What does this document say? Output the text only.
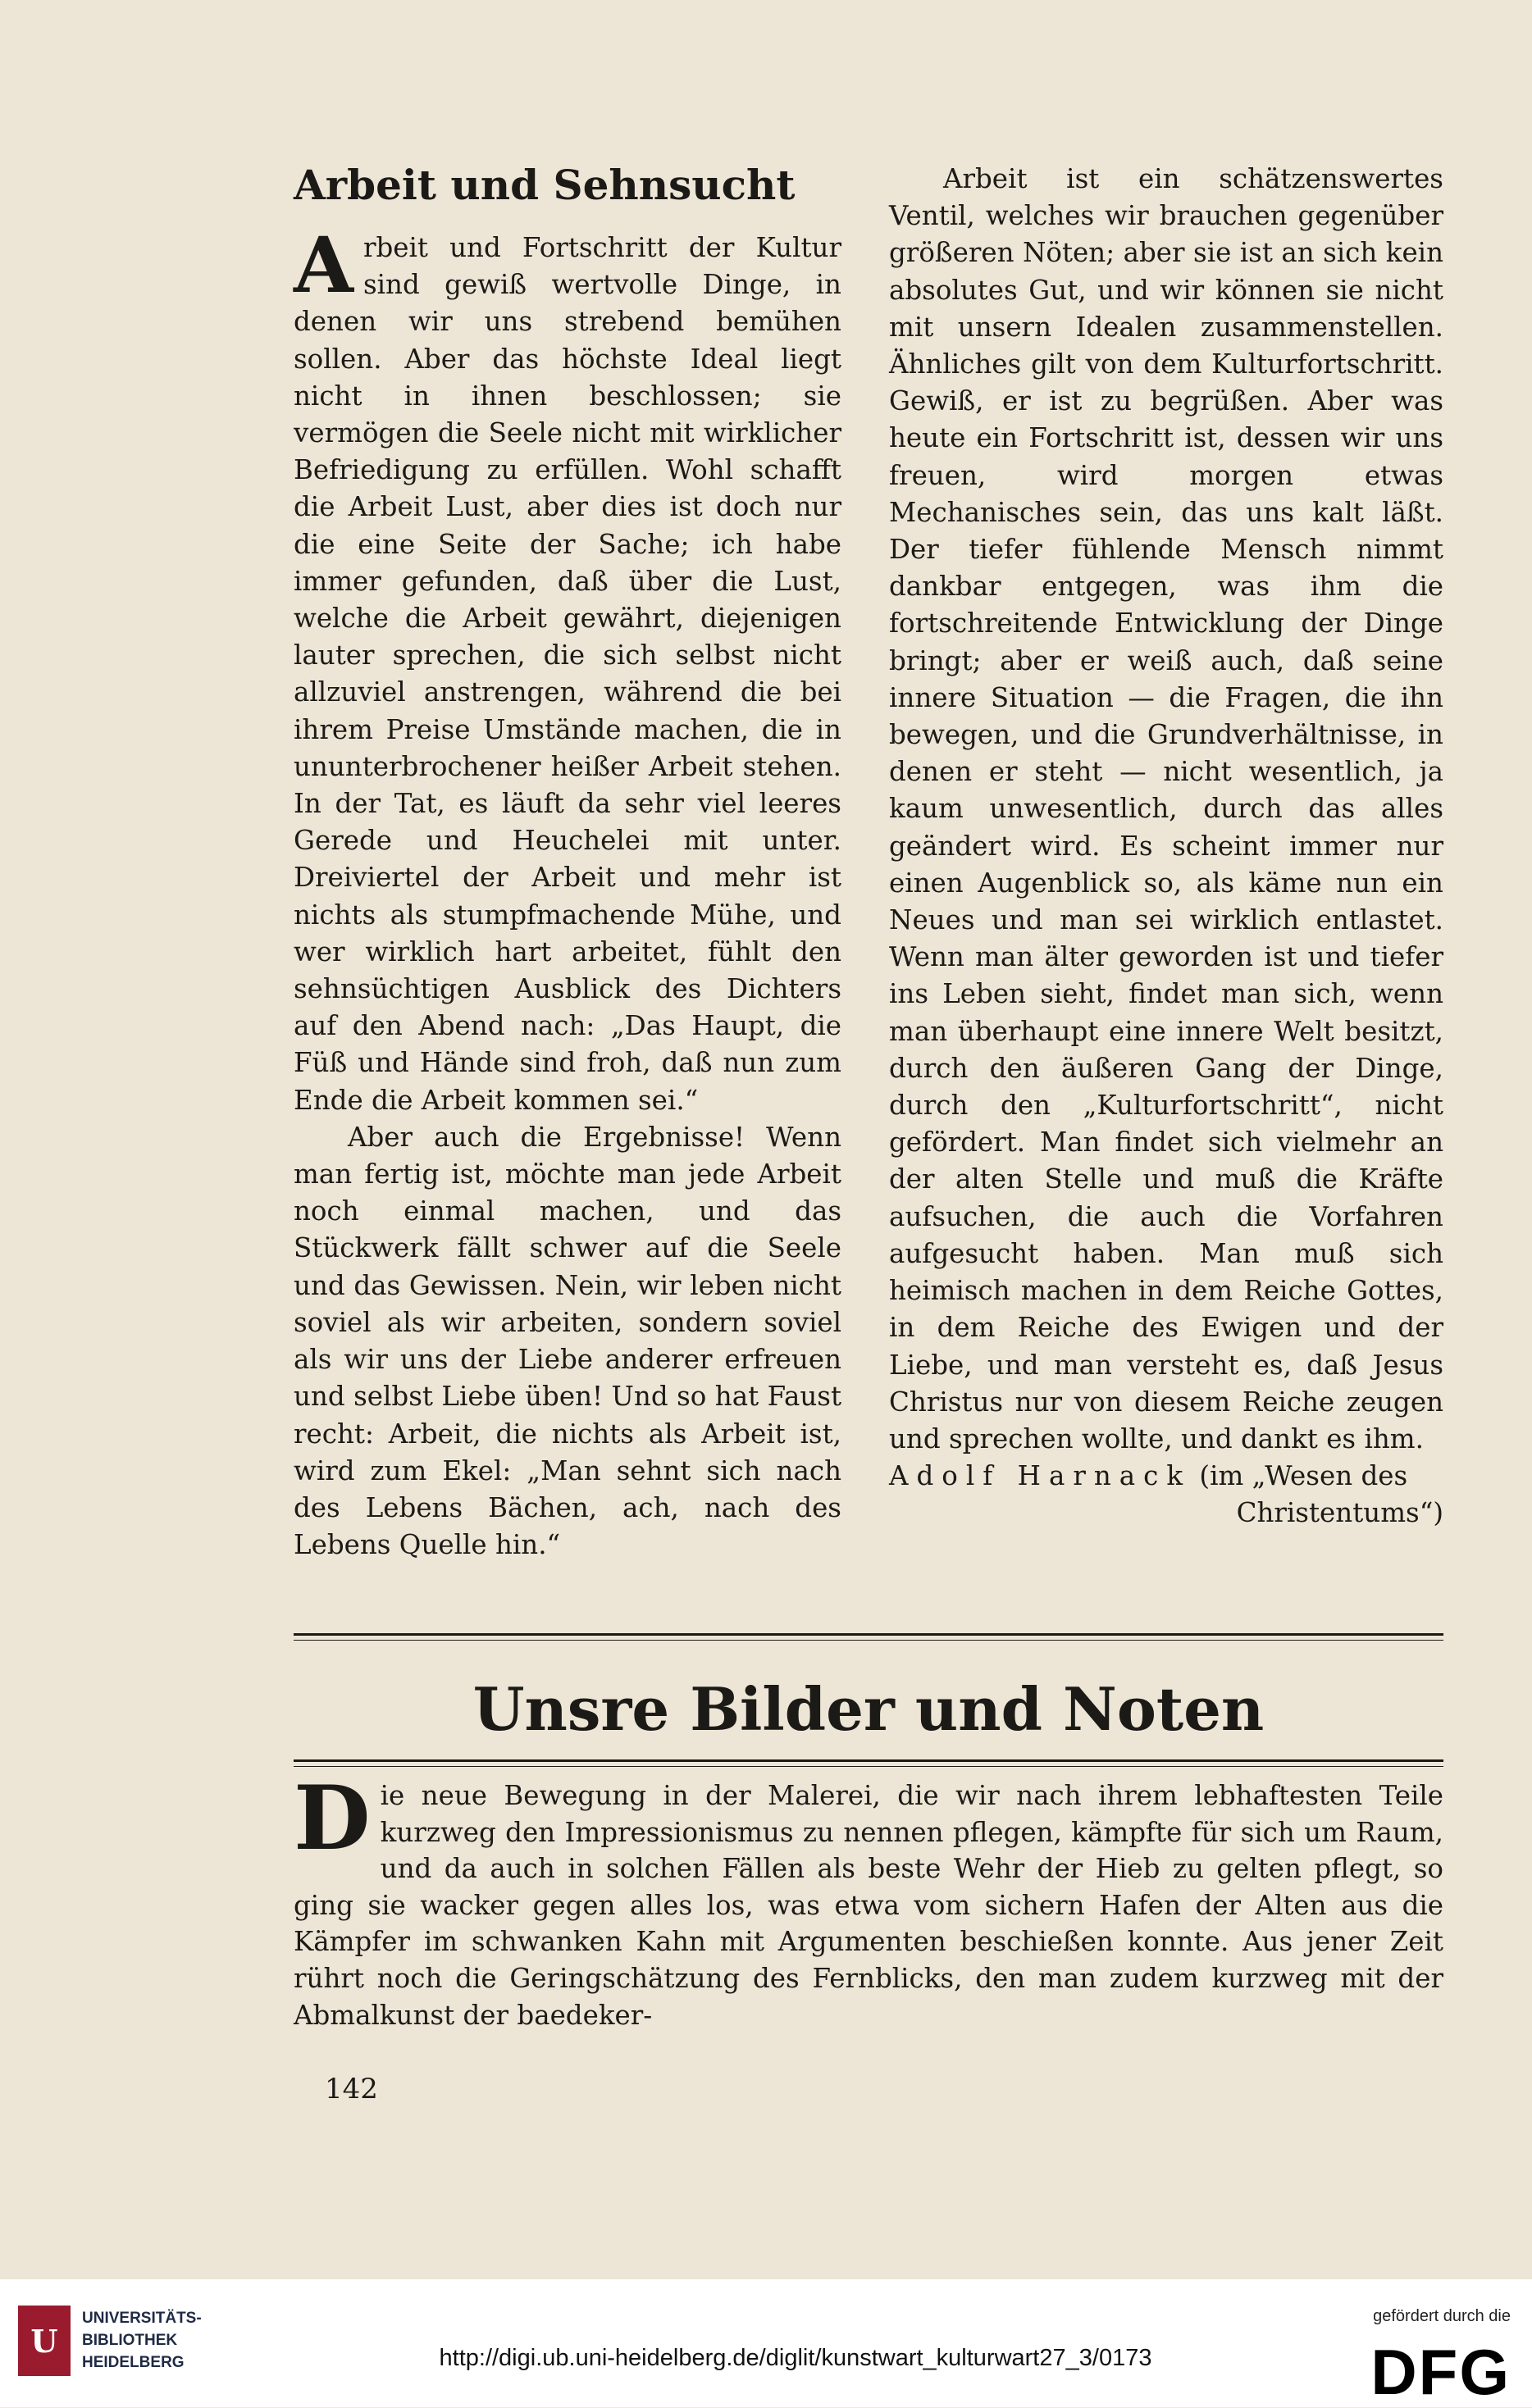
Arbeit und Sehnsucht

Arbeit und Fortschritt der Kultur sind gewiß wertvolle Dinge, in denen wir uns strebend bemühen sollen. Aber das höchste Ideal liegt nicht in ihnen beschlossen; sie vermögen die Seele nicht mit wirklicher Befriedigung zu erfüllen. Wohl schafft die Arbeit Lust, aber dies ist doch nur die eine Seite der Sache; ich habe immer gefunden, daß über die Lust, welche die Arbeit gewährt, diejenigen lauter sprechen, die sich selbst nicht allzuviel anstrengen, während die bei ihrem Preise Umstände machen, die in ununterbrochener heißer Arbeit stehen. In der Tat, es läuft da sehr viel leeres Gerede und Heuchelei mit unter. Dreiviertel der Arbeit und mehr ist nichts als stumpfmachende Mühe, und wer wirklich hart arbeitet, fühlt den sehnsüchtigen Ausblick des Dichters auf den Abend nach: „Das Haupt, die Füß und Hände sind froh, daß nun zum Ende die Arbeit kommen sei.“

Aber auch die Ergebnisse! Wenn man fertig ist, möchte man jede Arbeit noch einmal machen, und das Stückwerk fällt schwer auf die Seele und das Gewissen. Nein, wir leben nicht soviel als wir arbeiten, sondern soviel als wir uns der Liebe anderer erfreuen und selbst Liebe üben! Und so hat Faust recht: Arbeit, die nichts als Arbeit ist, wird zum Ekel: „Man sehnt sich nach des Lebens Bächen, ach, nach des Lebens Quelle hin.“

Arbeit ist ein schätzenswertes Ventil, welches wir brauchen gegenüber größeren Nöten; aber sie ist an sich kein absolutes Gut, und wir können sie nicht mit unsern Idealen zusammenstellen. Ähnliches gilt von dem Kulturfortschritt. Gewiß, er ist zu begrüßen. Aber was heute ein Fortschritt ist, dessen wir uns freuen, wird morgen etwas Mechanisches sein, das uns kalt läßt. Der tiefer fühlende Mensch nimmt dankbar entgegen, was ihm die fortschreitende Entwicklung der Dinge bringt; aber er weiß auch, daß seine innere Situation — die Fragen, die ihn bewegen, und die Grundverhältnisse, in denen er steht — nicht wesentlich, ja kaum unwesentlich, durch das alles geändert wird. Es scheint immer nur einen Augenblick so, als käme nun ein Neues und man sei wirklich entlastet. Wenn man älter geworden ist und tiefer ins Leben sieht, findet man sich, wenn man überhaupt eine innere Welt besitzt, durch den äußeren Gang der Dinge, durch den „Kulturfortschritt“, nicht gefördert. Man findet sich vielmehr an der alten Stelle und muß die Kräfte aufsuchen, die auch die Vorfahren aufgesucht haben. Man muß sich heimisch machen in dem Reiche Gottes, in dem Reiche des Ewigen und der Liebe, und man versteht es, daß Jesus Christus nur von diesem Reiche zeugen und sprechen wollte, und dankt es ihm.

Adolf Harnack (im „Wesen des

Christentums“)

Unsre Bilder und Noten

Die neue Bewegung in der Malerei, die wir nach ihrem lebhaftesten Teile kurzweg den Impressionismus zu nennen pflegen, kämpfte für sich um Raum, und da auch in solchen Fällen als beste Wehr der Hieb zu gelten pflegt, so ging sie wacker gegen alles los, was etwa vom sichern Hafen der Alten aus die Kämpfer im schwanken Kahn mit Argumenten beschießen konnte. Aus jener Zeit rührt noch die Geringschätzung des Fernblicks, den man zudem kurzweg mit der Abmalkunst der baedeker-

142
U
UNIVERSITÄTS-
BIBLIOTHEK
HEIDELBERG	http://digi.ub.uni-heidelberg.de/diglit/kunstwart_kulturwart27_3/0173
gefördert durch die
DFG
